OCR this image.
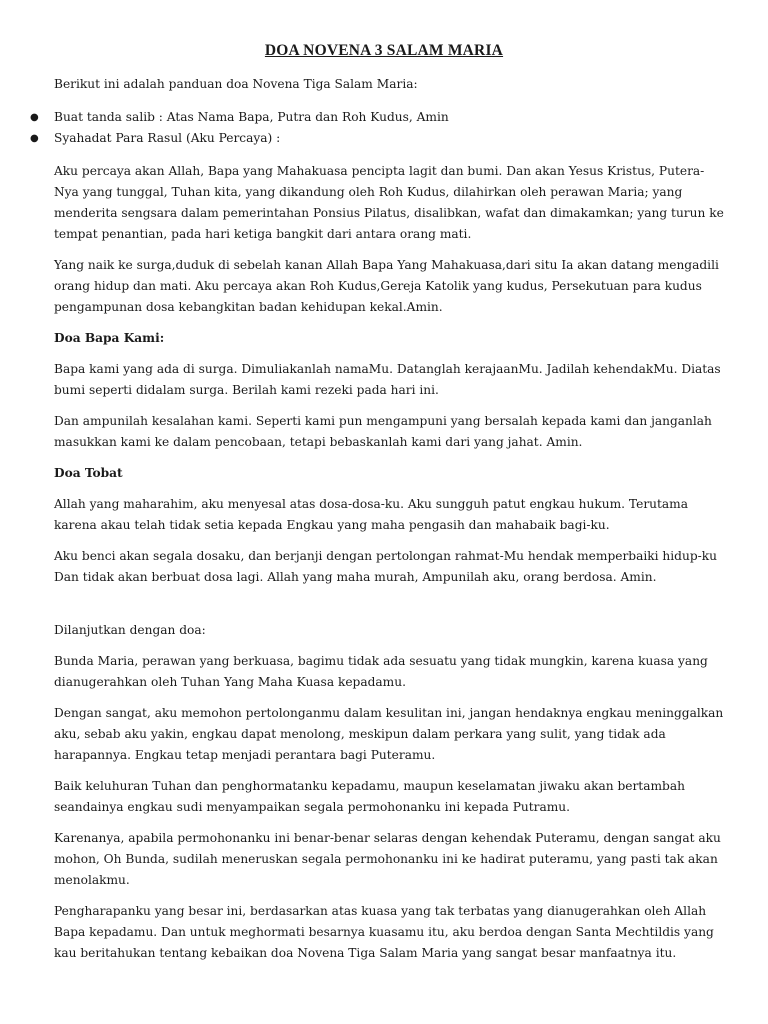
DOA NOVENA 3 SALAM MARIA

Berikut ini adalah panduan doa Novena Tiga Salam Maria:

● Buat tanda salib : Atas Nama Bapa, Putra dan Roh Kudus, Amin
● Syahadat Para Rasul (Aku Percaya) :

Aku percaya akan Allah, Bapa yang Mahakuasa pencipta lagit dan bumi. Dan akan Yesus Kristus, Putera-Nya yang tunggal, Tuhan kita, yang dikandung oleh Roh Kudus, dilahirkan oleh perawan Maria; yang menderita sengsara dalam pemerintahan Ponsius Pilatus, disalibkan, wafat dan dimakamkan; yang turun ke tempat penantian, pada hari ketiga bangkit dari antara orang mati.

Yang naik ke surga,duduk di sebelah kanan Allah Bapa Yang Mahakuasa,dari situ Ia akan datang mengadili orang hidup dan mati. Aku percaya akan Roh Kudus,Gereja Katolik yang kudus, Persekutuan para kudus pengampunan dosa kebangkitan badan kehidupan kekal.Amin.

Doa Bapa Kami:

Bapa kami yang ada di surga. Dimuliakanlah namaMu. Datanglah kerajaanMu. Jadilah kehendakMu. Diatas bumi seperti didalam surga. Berilah kami rezeki pada hari ini.

Dan ampunilah kesalahan kami. Seperti kami pun mengampuni yang bersalah kepada kami dan janganlah masukkan kami ke dalam pencobaan, tetapi bebaskanlah kami dari yang jahat. Amin.

Doa Tobat

Allah yang maharahim, aku menyesal atas dosa-dosa-ku. Aku sungguh patut engkau hukum. Terutama karena akau telah tidak setia kepada Engkau yang maha pengasih dan mahabaik bagi-ku.

Aku benci akan segala dosaku, dan berjanji dengan pertolongan rahmat-Mu hendak memperbaiki hidup-ku Dan tidak akan berbuat dosa lagi. Allah yang maha murah, Ampunilah aku, orang berdosa. Amin.

Dilanjutkan dengan doa:

Bunda Maria, perawan yang berkuasa, bagimu tidak ada sesuatu yang tidak mungkin, karena kuasa yang dianugerahkan oleh Tuhan Yang Maha Kuasa kepadamu.

Dengan sangat, aku memohon pertolonganmu dalam kesulitan ini, jangan hendaknya engkau meninggalkan aku, sebab aku yakin, engkau dapat menolong, meskipun dalam perkara yang sulit, yang tidak ada harapannya. Engkau tetap menjadi perantara bagi Puteramu.

Baik keluhuran Tuhan dan penghormatanku kepadamu, maupun keselamatan jiwaku akan bertambah seandainya engkau sudi menyampaikan segala permohonanku ini kepada Putramu.

Karenanya, apabila permohonanku ini benar-benar selaras dengan kehendak Puteramu, dengan sangat aku mohon, Oh Bunda, sudilah meneruskan segala permohonanku ini ke hadirat puteramu, yang pasti tak akan menolakmu.

Pengharapanku yang besar ini, berdasarkan atas kuasa yang tak terbatas yang dianugerahkan oleh Allah Bapa kepadamu. Dan untuk meghormati besarnya kuasamu itu, aku berdoa dengan Santa Mechtildis yang kau beritahukan tentang kebaikan doa Novena Tiga Salam Maria yang sangat besar manfaatnya itu.
